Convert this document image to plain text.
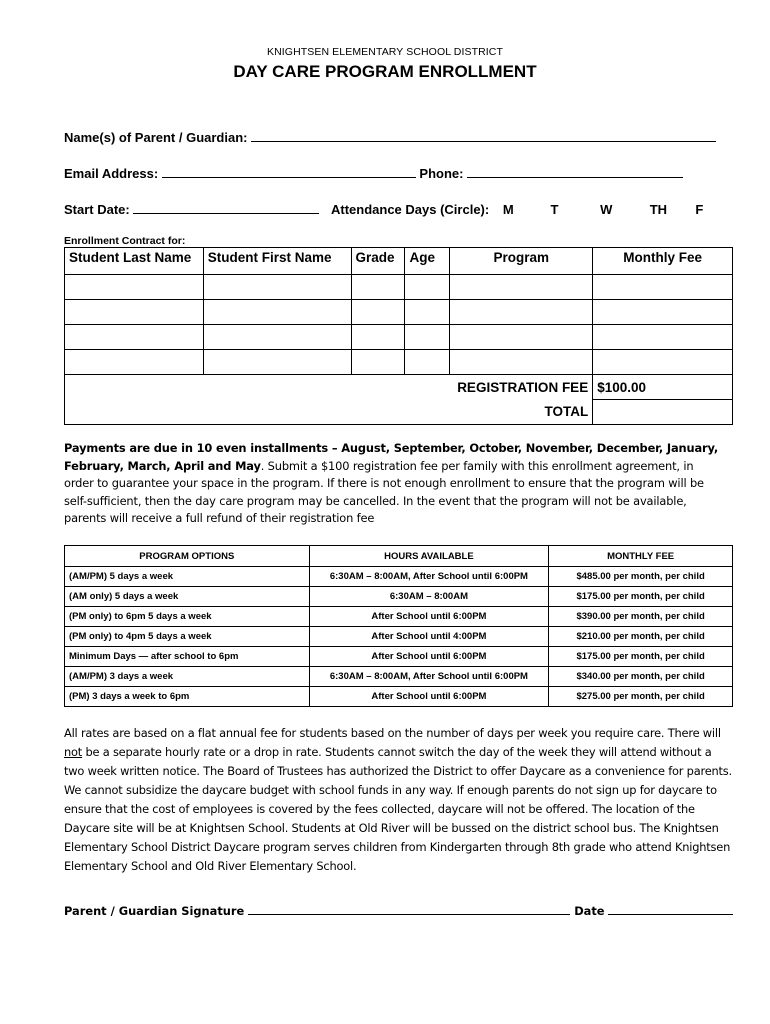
KNIGHTSEN ELEMENTARY SCHOOL DISTRICT
DAY CARE PROGRAM ENROLLMENT
Name(s) of Parent / Guardian:
Email Address:	Phone:
Start Date:	Attendance Days (Circle): M	T	W	TH F
Enrollment Contract for:
Student Last Name	Student First Name	Grade	Age	Program	Monthly Fee

REGISTRATION FEE					$100.00
TOTAL					
Payments are due in 10 even installments – August, September, October, November, December, January, February, March, April and May. Submit a $100 registration fee per family with this enrollment agreement, in order to guarantee your space in the program. If there is not enough enrollment to ensure that the program will be self-sufficient, then the day care program may be cancelled. In the event that the program will not be available, parents will receive a full refund of their registration fee
PROGRAM OPTIONS	HOURS AVAILABLE	MONTHLY FEE
(AM/PM) 5 days a week	6:30AM – 8:00AM, After School until 6:00PM	$485.00 per month, per child
(AM only) 5 days a week	6:30AM – 8:00AM	$175.00 per month, per child
(PM only) to 6pm 5 days a week	After School until 6:00PM	$390.00 per month, per child
(PM only) to 4pm 5 days a week	After School until 4:00PM	$210.00 per month, per child
Minimum Days — after school to 6pm	After School until 6:00PM	$175.00 per month, per child
(AM/PM) 3 days a week	6:30AM – 8:00AM, After School until 6:00PM	$340.00 per month, per child
(PM) 3 days a week to 6pm	After School until 6:00PM	$275.00 per month, per child
All rates are based on a flat annual fee for students based on the number of days per week you require care. There will not be a separate hourly rate or a drop in rate. Students cannot switch the day of the week they will attend without a two week written notice. The Board of Trustees has authorized the District to offer Daycare as a convenience for parents. We cannot subsidize the daycare budget with school funds in any way. If enough parents do not sign up for daycare to ensure that the cost of employees is covered by the fees collected, daycare will not be offered. The location of the Daycare site will be at Knightsen School. Students at Old River will be bussed on the district school bus. The Knightsen Elementary School District Daycare program serves children from Kindergarten through 8th grade who attend Knightsen Elementary School and Old River Elementary School.
Parent / Guardian Signature	Date
